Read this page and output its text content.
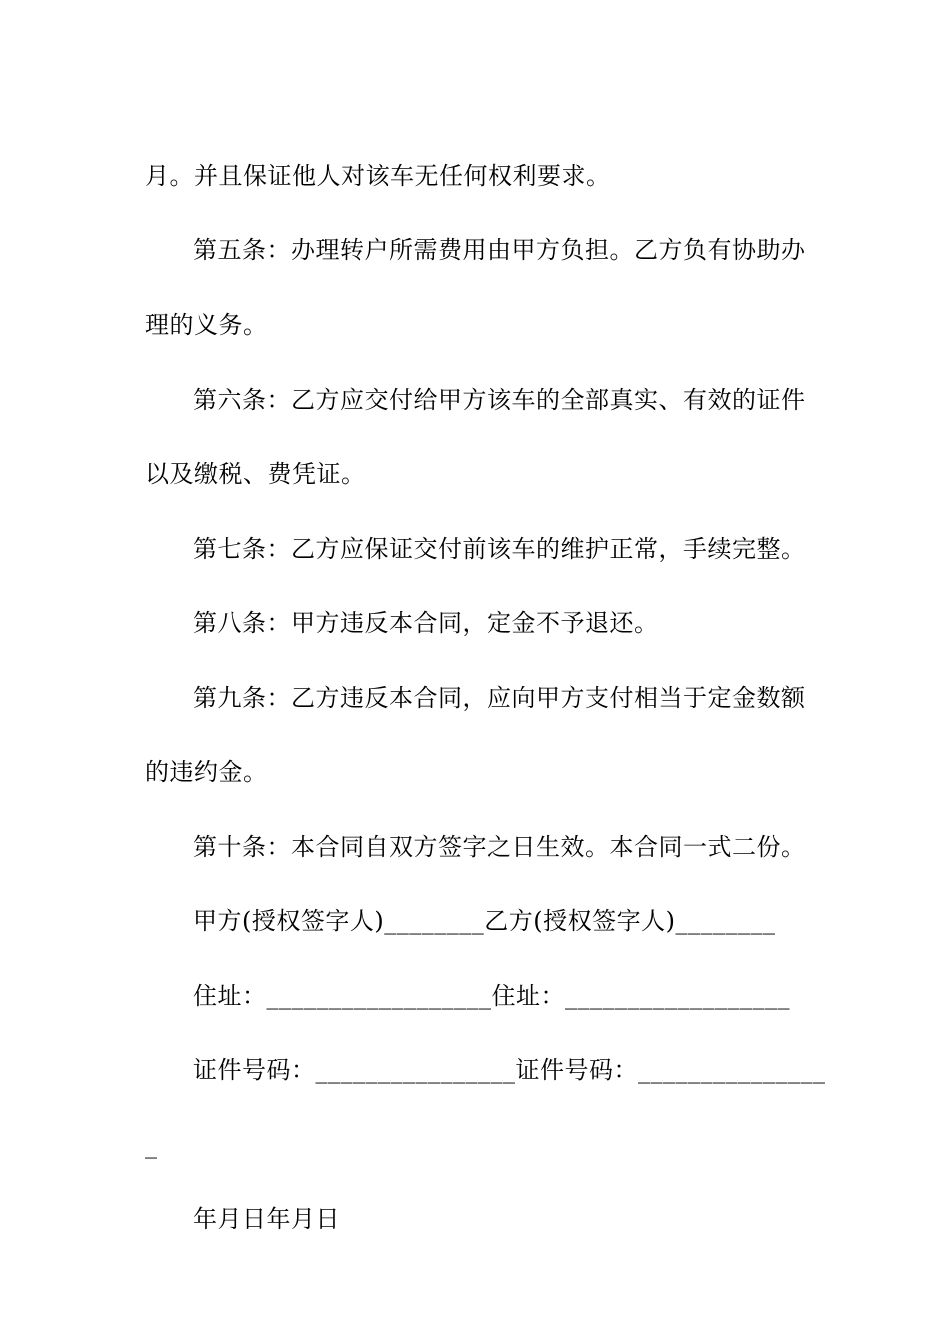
月。并且保证他人对该车无任何权利要求。

第五条：办理转户所需费用由甲方负担。乙方负有协助办

理的义务。

第六条：乙方应交付给甲方该车的全部真实、有效的证件

以及缴税、费凭证。

第七条：乙方应保证交付前该车的维护正常，手续完整。

第八条：甲方违反本合同，定金不予退还。

第九条：乙方违反本合同，应向甲方支付相当于定金数额

的违约金。

第十条：本合同自双方签字之日生效。本合同一式二份。

甲方(授权签字人)________乙方(授权签字人)________

住址：__________________住址：__________________

证件号码：________________证件号码：_______________

_

年月日年月日
